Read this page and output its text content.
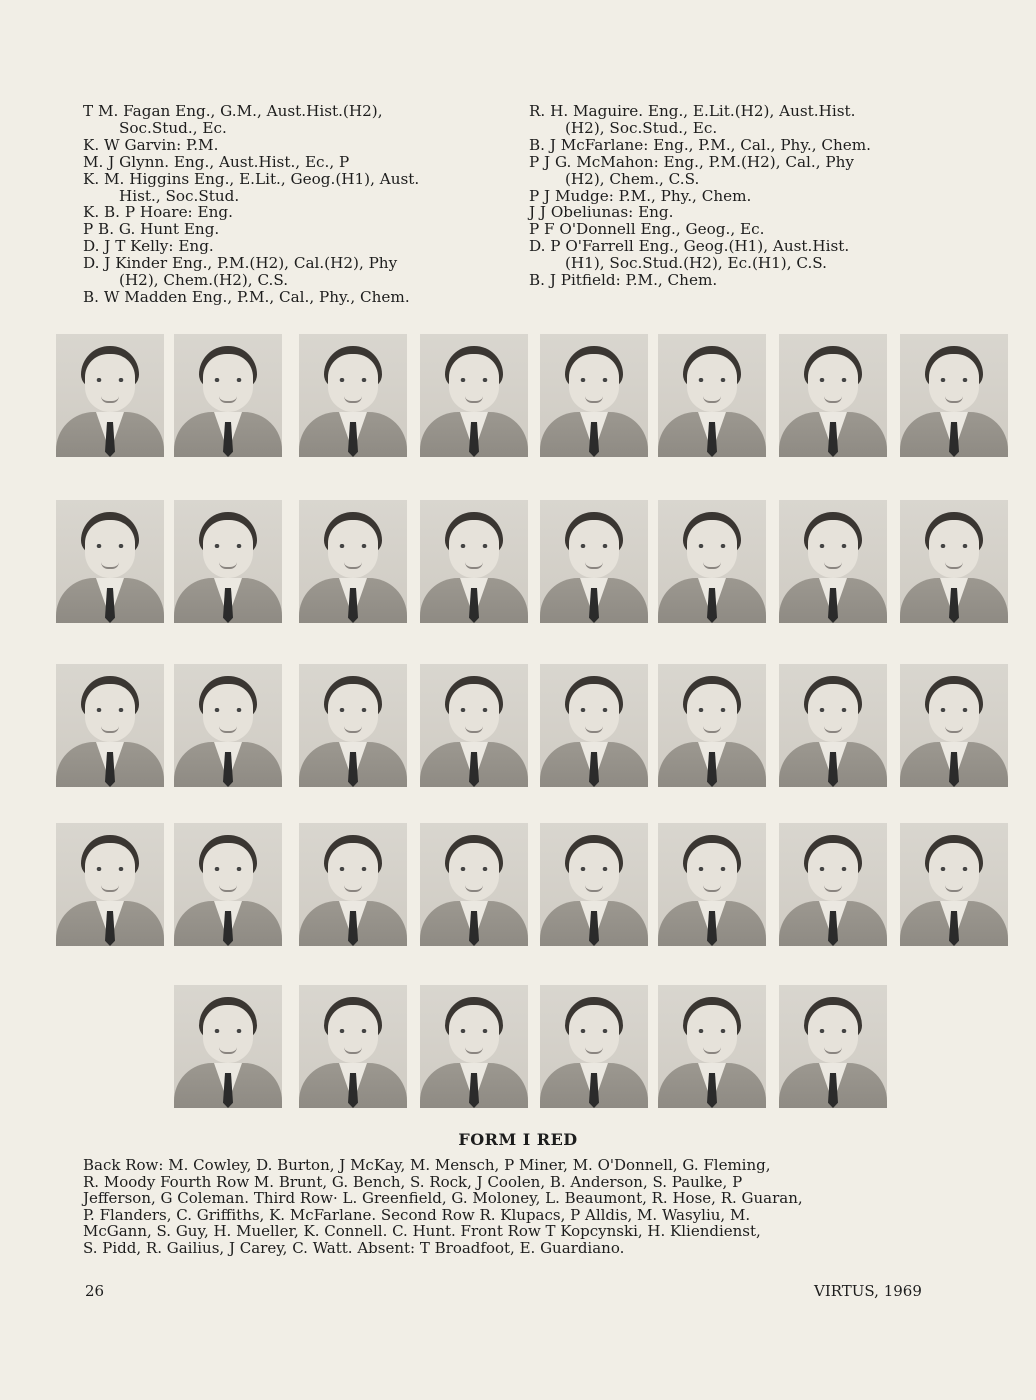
T M. Fagan Eng., G.M., Aust.Hist.(H2),
Soc.Stud., Ec.
K. W Garvin: P.M.
M. J Glynn. Eng., Aust.Hist., Ec., P
K. M. Higgins Eng., E.Lit., Geog.(H1), Aust.
Hist., Soc.Stud.
K. B. P Hoare: Eng.
P B. G. Hunt Eng.
D. J T Kelly: Eng.
D. J Kinder Eng., P.M.(H2), Cal.(H2), Phy
(H2), Chem.(H2), C.S.
B. W Madden Eng., P.M., Cal., Phy., Chem.
R. H. Maguire. Eng., E.Lit.(H2), Aust.Hist.
(H2), Soc.Stud., Ec.
B. J McFarlane: Eng., P.M., Cal., Phy., Chem.
P J G. McMahon: Eng., P.M.(H2), Cal., Phy
(H2), Chem., C.S.
P J Mudge: P.M., Phy., Chem.
J J Obeliunas: Eng.
P F O'Donnell Eng., Geog., Ec.
D. P O'Farrell Eng., Geog.(H1), Aust.Hist.
(H1), Soc.Stud.(H2), Ec.(H1), C.S.
B. J Pitfield: P.M., Chem.
FORM I RED
Back Row: M. Cowley, D. Burton, J McKay, M. Mensch, P Miner, M. O'Donnell, G. Fleming,
R. Moody Fourth Row M. Brunt, G. Bench, S. Rock, J Coolen, B. Anderson, S. Paulke, P
Jefferson, G Coleman. Third Row· L. Greenfield, G. Moloney, L. Beaumont, R. Hose, R. Guaran,
P. Flanders, C. Griffiths, K. McFarlane. Second Row R. Klupacs, P Alldis, M. Wasyliu, M.
McGann, S. Guy, H. Mueller, K. Connell. C. Hunt. Front Row T Kopcynski, H. Kliendienst,
S. Pidd, R. Gailius, J Carey, C. Watt. Absent: T Broadfoot, E. Guardiano.
26	VIRTUS, 1969
